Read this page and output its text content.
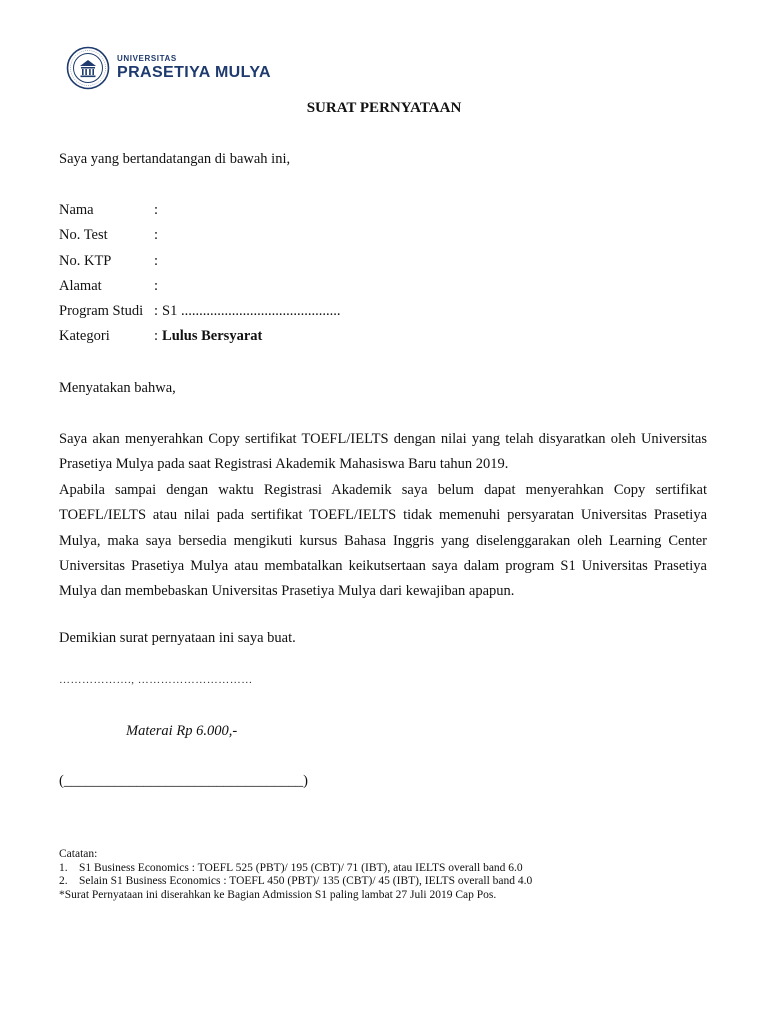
UNIVERSITAS
PRASETIYA MULYA
SURAT PERNYATAAN
Saya yang bertandatangan di bawah ini,
Nama	:
No. Test	:
No. KTP	:
Alamat	:
Program Studi : S1 ............................................
Kategori	: Lulus Bersyarat
Menyatakan bahwa,
Saya akan menyerahkan Copy sertifikat TOEFL/IELTS dengan nilai yang telah disyaratkan oleh Universitas Prasetiya Mulya pada saat Registrasi Akademik Mahasiswa Baru tahun 2019.
Apabila sampai dengan waktu Registrasi Akademik saya belum dapat menyerahkan Copy sertifikat TOEFL/IELTS atau nilai pada sertifikat TOEFL/IELTS tidak memenuhi persyaratan Universitas Prasetiya Mulya, maka saya bersedia mengikuti kursus Bahasa Inggris yang diselenggarakan oleh Learning Center Universitas Prasetiya Mulya atau membatalkan keikutsertaan saya dalam program S1 Universitas Prasetiya Mulya dan membebaskan Universitas Prasetiya Mulya dari kewajiban apapun.
Demikian surat pernyataan ini saya buat.
………………., …………………………
Materai Rp 6.000,-
(_________________________________)
Catatan:
1. S1 Business Economics : TOEFL 525 (PBT)/ 195 (CBT)/ 71 (IBT), atau IELTS overall band 6.0
2. Selain S1 Business Economics : TOEFL 450 (PBT)/ 135 (CBT)/ 45 (IBT), IELTS overall band 4.0
*Surat Pernyataan ini diserahkan ke Bagian Admission S1 paling lambat 27 Juli 2019 Cap Pos.
